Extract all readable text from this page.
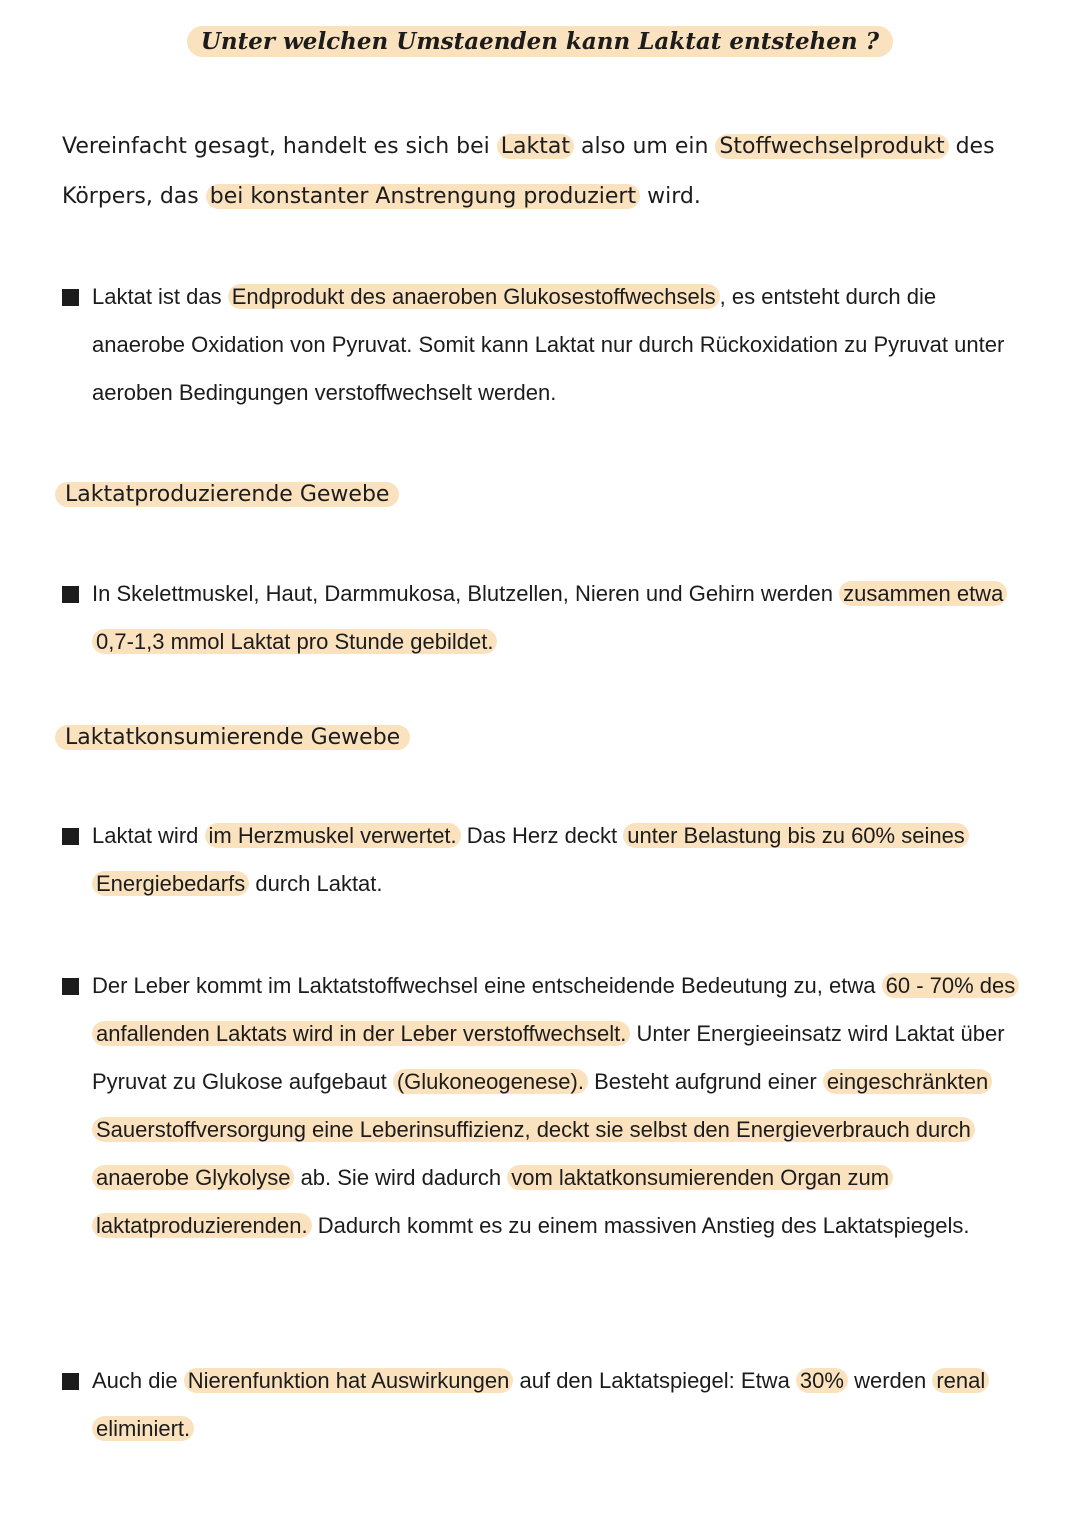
Unter welchen Umstaenden kann Laktat entstehen ?
Vereinfacht gesagt, handelt es sich bei Laktat also um ein Stoffwechselprodukt des Körpers, das bei konstanter Anstrengung produziert wird.
Laktat ist das Endprodukt des anaeroben Glukosestoffwechsels , es entsteht durch die anaerobe Oxidation von Pyruvat. Somit kann Laktat nur durch Rückoxidation zu Pyruvat unter aeroben Bedingungen verstoffwechselt werden.
Laktatproduzierende Gewebe
In Skelettmuskel, Haut, Darmmukosa, Blutzellen, Nieren und Gehirn werden zusammen etwa 0,7-1,3 mmol Laktat pro Stunde gebildet.
Laktatkonsumierende Gewebe
Laktat wird im Herzmuskel verwertet. Das Herz deckt unter Belastung bis zu 60% seines Energiebedarfs durch Laktat.
Der Leber kommt im Laktatstoffwechsel eine entscheidende Bedeutung zu, etwa 60 - 70% des anfallenden Laktats wird in der Leber verstoffwechselt. Unter Energieeinsatz wird Laktat über Pyruvat zu Glukose aufgebaut (Glukoneogenese). Besteht aufgrund einer eingeschränkten Sauerstoffversorgung eine Leberinsuffizienz, deckt sie selbst den Energieverbrauch durch anaerobe Glykolyse ab. Sie wird dadurch vom laktatkonsumierenden Organ zum laktatproduzierenden. Dadurch kommt es zu einem massiven Anstieg des Laktatspiegels.
Auch die Nierenfunktion hat Auswirkungen auf den Laktatspiegel: Etwa 30% werden renal eliminiert.
